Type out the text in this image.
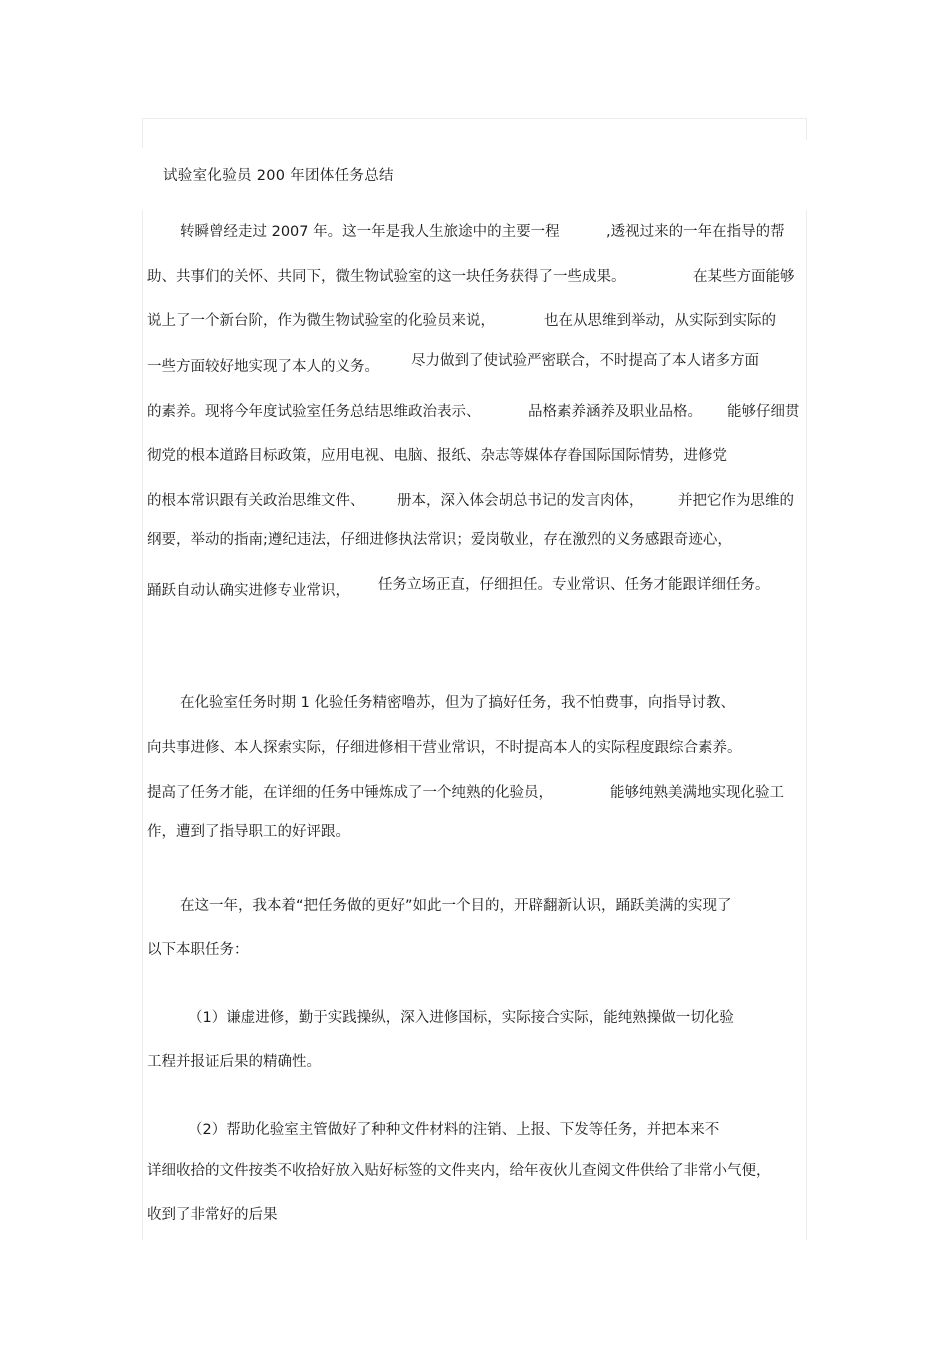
试验室化验员 200 年团体任务总结
转瞬曾经走过 2007 年。这一年是我人生旅途中的主要一程	,透视过来的一年在指导的帮
助、共事们的关怀、共同下，微生物试验室的这一块任务获得了一些成果。	在某些方面能够
说上了一个新台阶，作为微生物试验室的化验员来说，	也在从思维到举动，从实际到实际的
一些方面较好地实现了本人的义务。 尽力做到了使试验严密联合，不时提高了本人诸多方面
的素养。现将今年度试验室任务总结思维政治表示、	品格素养涵养及职业品格。 能够仔细贯
彻党的根本道路目标政策，应用电视、电脑、报纸、杂志等媒体存眷国际国际情势，进修党
的根本常识跟有关政治思维文件、 册本，深入体会胡总书记的发言肉体， 并把它作为思维的
纲要，举动的指南;遵纪违法，仔细进修执法常识；爱岗敬业，存在激烈的义务感跟奇迹心，
踊跃自动认确实进修专业常识， 任务立场正直，仔细担任。专业常识、任务才能跟详细任务。
在化验室任务时期 1 化验任务精密噜苏，但为了搞好任务，我不怕费事，向指导讨教、
向共事进修、本人探索实际，仔细进修相干营业常识，不时提高本人的实际程度跟综合素养。
提高了任务才能，在详细的任务中锤炼成了一个纯熟的化验员，	能够纯熟美满地实现化验工
作，遭到了指导职工的好评跟。
在这一年，我本着“把任务做的更好”如此一个目的，开辟翻新认识，踊跃美满的实现了
以下本职任务：
（1）谦虚进修，勤于实践操纵，深入进修国标，实际接合实际，能纯熟操做一切化验
工程并报证后果的精确性。
（2）帮助化验室主管做好了种种文件材料的注销、上报、下发等任务，并把本来不
详细收拾的文件按类不收拾好放入贴好标签的文件夹内，给年夜伙儿查阅文件供给了非常小气便，
收到了非常好的后果
